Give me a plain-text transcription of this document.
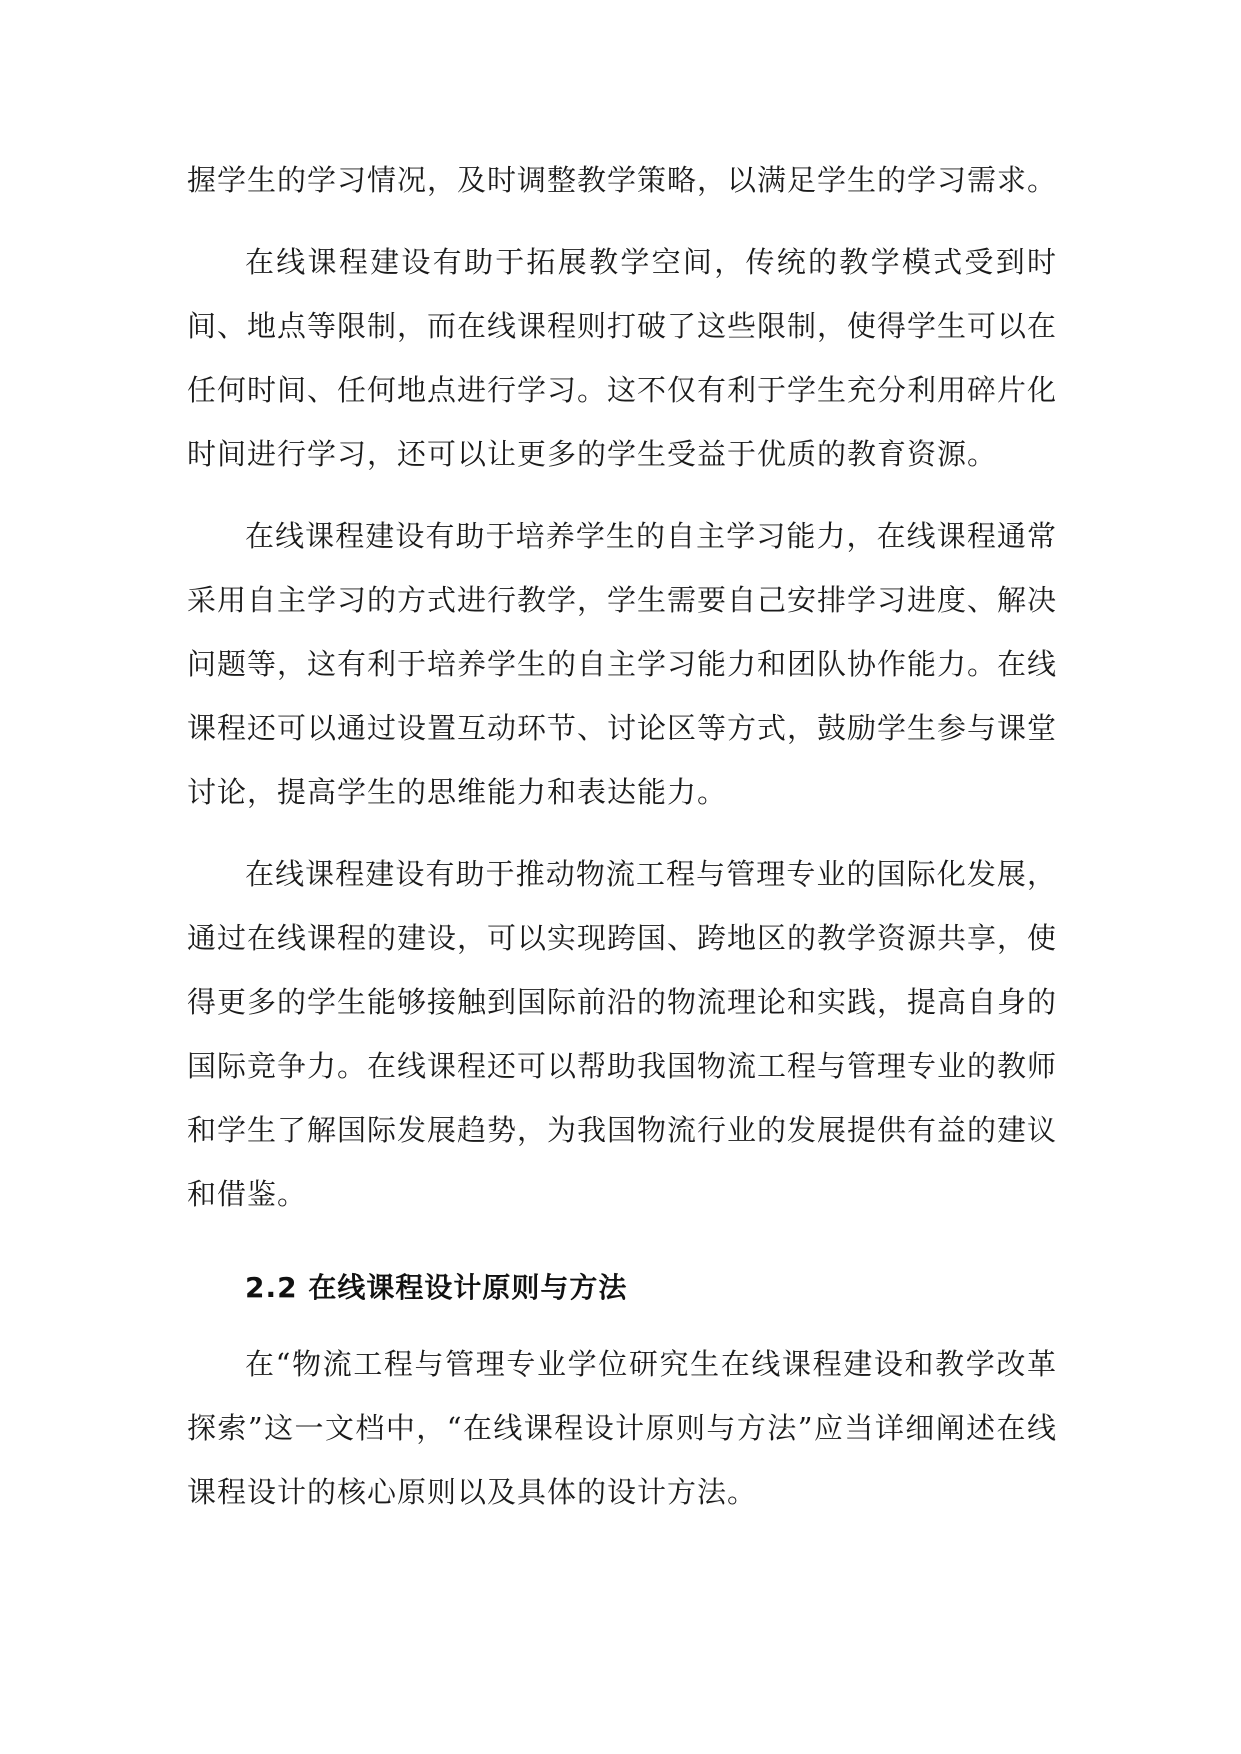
握学生的学习情况，及时调整教学策略，以满足学生的学习需求。

在线课程建设有助于拓展教学空间，传统的教学模式受到时间、地点等限制，而在线课程则打破了这些限制，使得学生可以在任何时间、任何地点进行学习。这不仅有利于学生充分利用碎片化时间进行学习，还可以让更多的学生受益于优质的教育资源。

在线课程建设有助于培养学生的自主学习能力，在线课程通常采用自主学习的方式进行教学，学生需要自己安排学习进度、解决问题等，这有利于培养学生的自主学习能力和团队协作能力。在线课程还可以通过设置互动环节、讨论区等方式，鼓励学生参与课堂讨论，提高学生的思维能力和表达能力。

在线课程建设有助于推动物流工程与管理专业的国际化发展，通过在线课程的建设，可以实现跨国、跨地区的教学资源共享，使得更多的学生能够接触到国际前沿的物流理论和实践，提高自身的国际竞争力。在线课程还可以帮助我国物流工程与管理专业的教师和学生了解国际发展趋势，为我国物流行业的发展提供有益的建议和借鉴。

2.2 在线课程设计原则与方法

在“物流工程与管理专业学位研究生在线课程建设和教学改革探索”这一文档中，“在线课程设计原则与方法”应当详细阐述在线课程设计的核心原则以及具体的设计方法。
